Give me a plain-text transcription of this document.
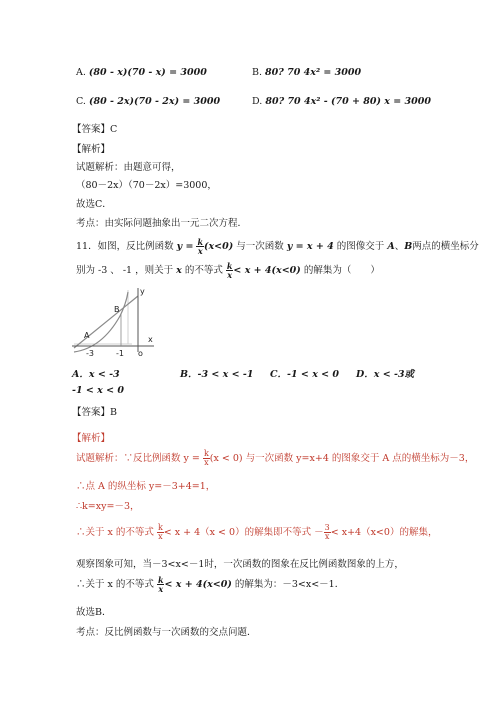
A. (80 - x)(70 - x) = 3000	B. 80? 70 4x² = 3000
C. (80 - 2x)(70 - 2x) = 3000	D. 80? 70 4x² - (70 + 80) x = 3000
【答案】C
【解析】
试题解析：由题意可得，
（80－2x）（70－2x）=3000，
故选C．
考点：由实际问题抽象出一元二次方程．
11．如图，反比例函数 $y = \frac{k}{x} (x<0)$ 与一次函数 y = x + 4 的图像交于 A、B两点的横坐标分
别为 -3 、 -1 ，则关于 x 的不等式 $\frac{k}{x} < x + 4(x<0)$ 的解集为（　　）
y
x
B
A
-3	-1 o
A．x < -3	B．-3 < x < -1 C．-1 < x < 0 D．x < -3或
-1 < x < 0
【答案】B
【解析】
试题解析：∵反比例函数 $y = \frac{k}{x} (x < 0)$ 与一次函数 y=x+4 的图象交于 A 点的横坐标为－3，
∴点 A 的纵坐标 y=－3+4=1，
∴k=xy=－3，
∴关于 x 的不等式 $\frac{k}{x} < x + 4(x < 0)$的解集即不等式 － $\frac{3}{x} < x+4(x<0)$的解集，
观察图象可知，当－3<x<－1时，一次函数的图象在反比例函数图象的上方，
∴关于 x 的不等式 $\frac{k}{x} < x + 4(x<0)$ 的解集为：－3<x<－1．
故选B．
考点：反比例函数与一次函数的交点问题．
